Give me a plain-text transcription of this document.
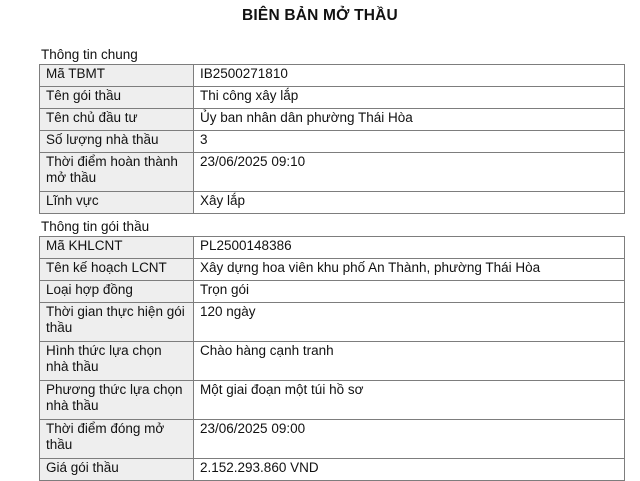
BIÊN BẢN MỞ THẦU
Thông tin chung
Mã TBMT	IB2500271810
Tên gói thầu	Thi công xây lắp
Tên chủ đầu tư	Ủy ban nhân dân phường Thái Hòa
Số lượng nhà thầu	3
Thời điểm hoàn thành mở thầu	23/06/2025 09:10
Lĩnh vực	Xây lắp
Thông tin gói thầu
Mã KHLCNT	PL2500148386
Tên kế hoạch LCNT	Xây dựng hoa viên khu phố An Thành, phường Thái Hòa
Loại hợp đồng	Trọn gói
Thời gian thực hiện gói thầu	120 ngày
Hình thức lựa chọn nhà thầu	Chào hàng cạnh tranh
Phương thức lựa chọn nhà thầu	Một giai đoạn một túi hồ sơ
Thời điểm đóng mở thầu	23/06/2025 09:00
Giá gói thầu	2.152.293.860 VND
